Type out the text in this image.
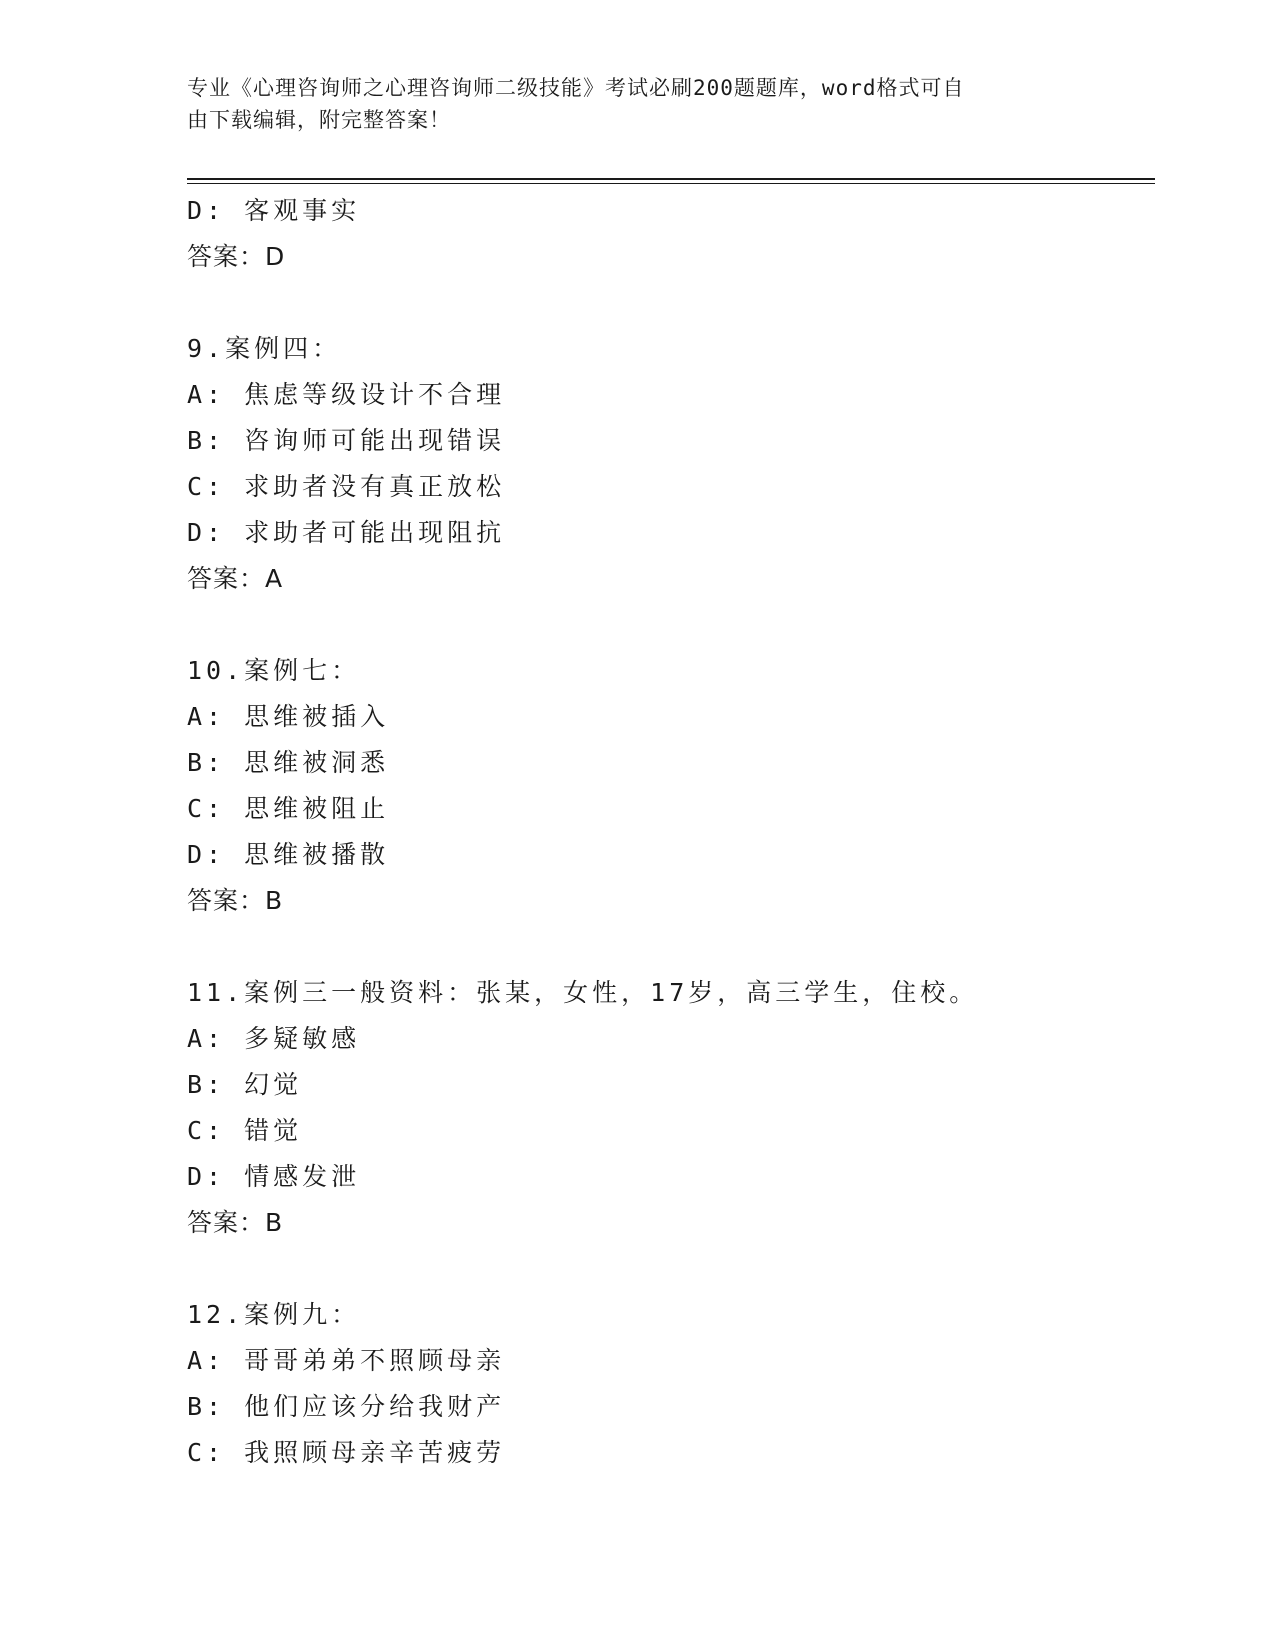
专业《心理咨询师之心理咨询师二级技能》考试必刷200题题库，word格式可自
由下载编辑，附完整答案！
D: 客观事实
答案：D
9.案例四：
A: 焦虑等级设计不合理
B: 咨询师可能出现错误
C: 求助者没有真正放松
D: 求助者可能出现阻抗
答案：A
10.案例七：
A: 思维被插入
B: 思维被洞悉
C: 思维被阻止
D: 思维被播散
答案：B
11.案例三一般资料：张某，女性，17岁，高三学生，住校。
A: 多疑敏感
B: 幻觉
C: 错觉
D: 情感发泄
答案：B
12.案例九：
A: 哥哥弟弟不照顾母亲
B: 他们应该分给我财产
C: 我照顾母亲辛苦疲劳
